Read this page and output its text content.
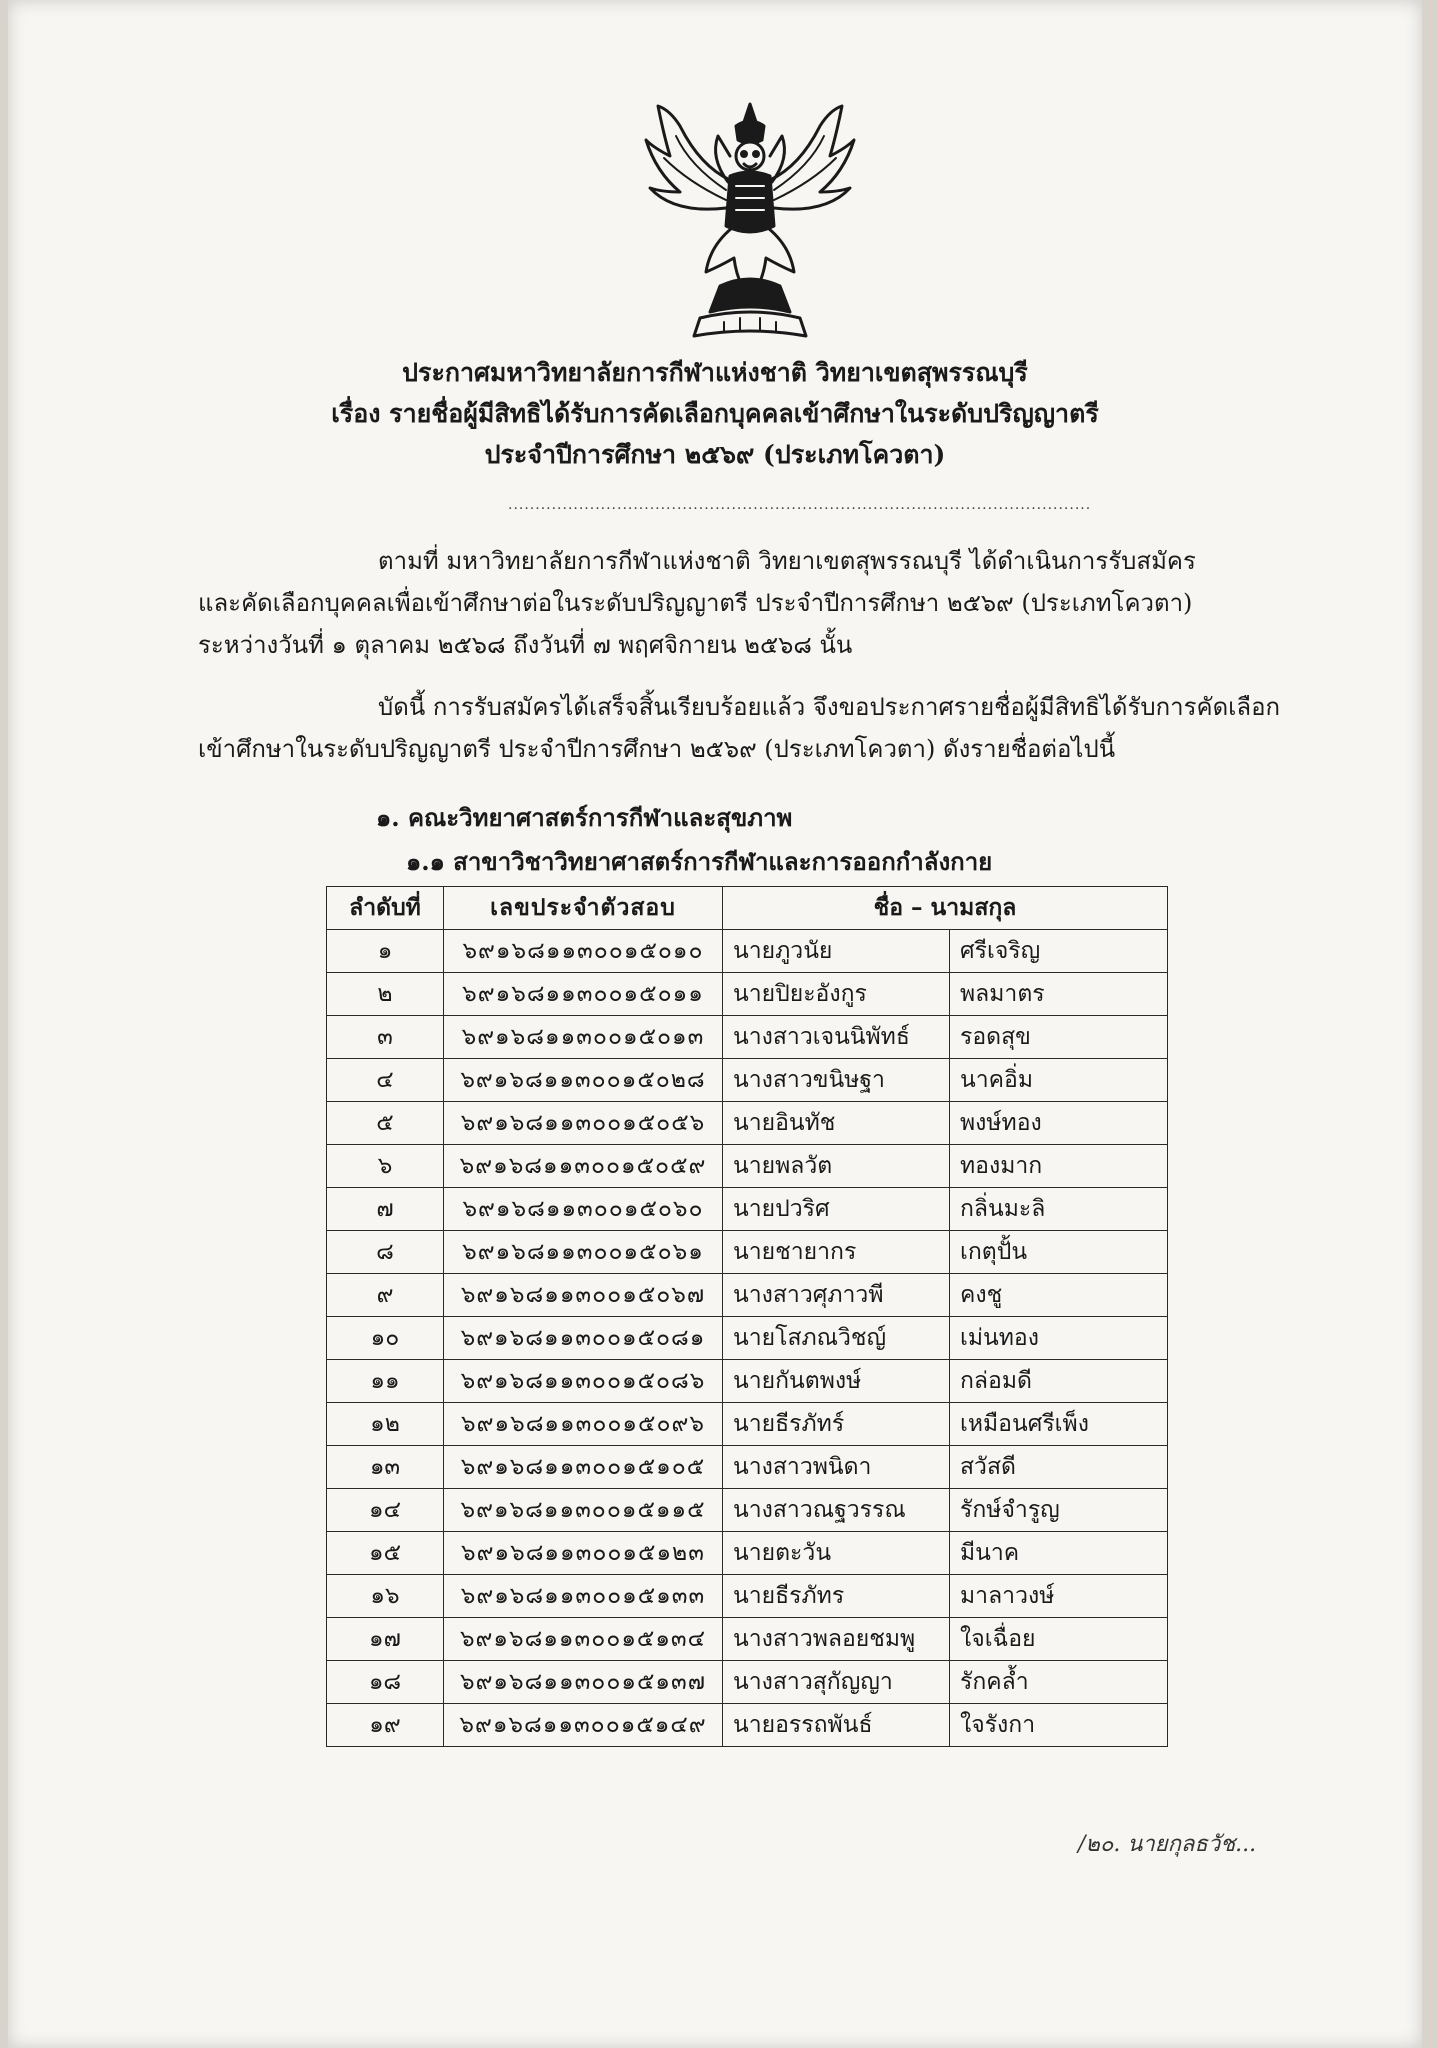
ประกาศมหาวิทยาลัยการกีฬาแห่งชาติ วิทยาเขตสุพรรณบุรี
เรื่อง รายชื่อผู้มีสิทธิได้รับการคัดเลือกบุคคลเข้าศึกษาในระดับปริญญาตรี
ประจำปีการศึกษา ๒๕๖๙ (ประเภทโควตา)
...........................................................................................................

ตามที่ มหาวิทยาลัยการกีฬาแห่งชาติ วิทยาเขตสุพรรณบุรี ได้ดำเนินการรับสมัคร

และคัดเลือกบุคคลเพื่อเข้าศึกษาต่อในระดับปริญญาตรี ประจำปีการศึกษา ๒๕๖๙ (ประเภทโควตา)

ระหว่างวันที่ ๑ ตุลาคม ๒๕๖๘ ถึงวันที่ ๗ พฤศจิกายน ๒๕๖๘ นั้น

บัดนี้ การรับสมัครได้เสร็จสิ้นเรียบร้อยแล้ว จึงขอประกาศรายชื่อผู้มีสิทธิได้รับการคัดเลือก

เข้าศึกษาในระดับปริญญาตรี ประจำปีการศึกษา ๒๕๖๙ (ประเภทโควตา) ดังรายชื่อต่อไปนี้

๑. คณะวิทยาศาสตร์การกีฬาและสุขภาพ
๑.๑ สาขาวิชาวิทยาศาสตร์การกีฬาและการออกกำลังกาย
ลำดับที่	เลขประจำตัวสอบ	ชื่อ – นามสกุล	
๑	๖๙๑๖๘๑๑๓๐๐๑๕๐๑๐	นายภูวนัย	ศรีเจริญ
๒	๖๙๑๖๘๑๑๓๐๐๑๕๐๑๑	นายปิยะอังกูร	พลมาตร
๓	๖๙๑๖๘๑๑๓๐๐๑๕๐๑๓	นางสาวเจนนิพัทธ์	รอดสุข
๔	๖๙๑๖๘๑๑๓๐๐๑๕๐๒๘	นางสาวขนิษฐา	นาคอิ่ม
๕	๖๙๑๖๘๑๑๓๐๐๑๕๐๕๖	นายอินทัช	พงษ์ทอง
๖	๖๙๑๖๘๑๑๓๐๐๑๕๐๕๙	นายพลวัต	ทองมาก
๗	๖๙๑๖๘๑๑๓๐๐๑๕๐๖๐	นายปวริศ	กลิ่นมะลิ
๘	๖๙๑๖๘๑๑๓๐๐๑๕๐๖๑	นายชายากร	เกตุปั้น
๙	๖๙๑๖๘๑๑๓๐๐๑๕๐๖๗	นางสาวศุภาวพี	คงชู
๑๐	๖๙๑๖๘๑๑๓๐๐๑๕๐๘๑	นายโสภณวิชญ์	เม่นทอง
๑๑	๖๙๑๖๘๑๑๓๐๐๑๕๐๘๖	นายกันตพงษ์	กล่อมดี
๑๒	๖๙๑๖๘๑๑๓๐๐๑๕๐๙๖	นายธีรภัทร์	เหมือนศรีเพ็ง
๑๓	๖๙๑๖๘๑๑๓๐๐๑๕๑๐๕	นางสาวพนิดา	สวัสดี
๑๔	๖๙๑๖๘๑๑๓๐๐๑๕๑๑๕	นางสาวณฐวรรณ	รักษ์จำรูญ
๑๕	๖๙๑๖๘๑๑๓๐๐๑๕๑๒๓	นายตะวัน	มีนาค
๑๖	๖๙๑๖๘๑๑๓๐๐๑๕๑๓๓	นายธีรภัทร	มาลาวงษ์
๑๗	๖๙๑๖๘๑๑๓๐๐๑๕๑๓๔	นางสาวพลอยชมพู	ใจเฉื่อย
๑๘	๖๙๑๖๘๑๑๓๐๐๑๕๑๓๗	นางสาวสุกัญญา	รักคล้ำ
๑๙	๖๙๑๖๘๑๑๓๐๐๑๕๑๔๙	นายอรรถพันธ์	ใจรังกา
/๒๐. นายกุลธวัช...
